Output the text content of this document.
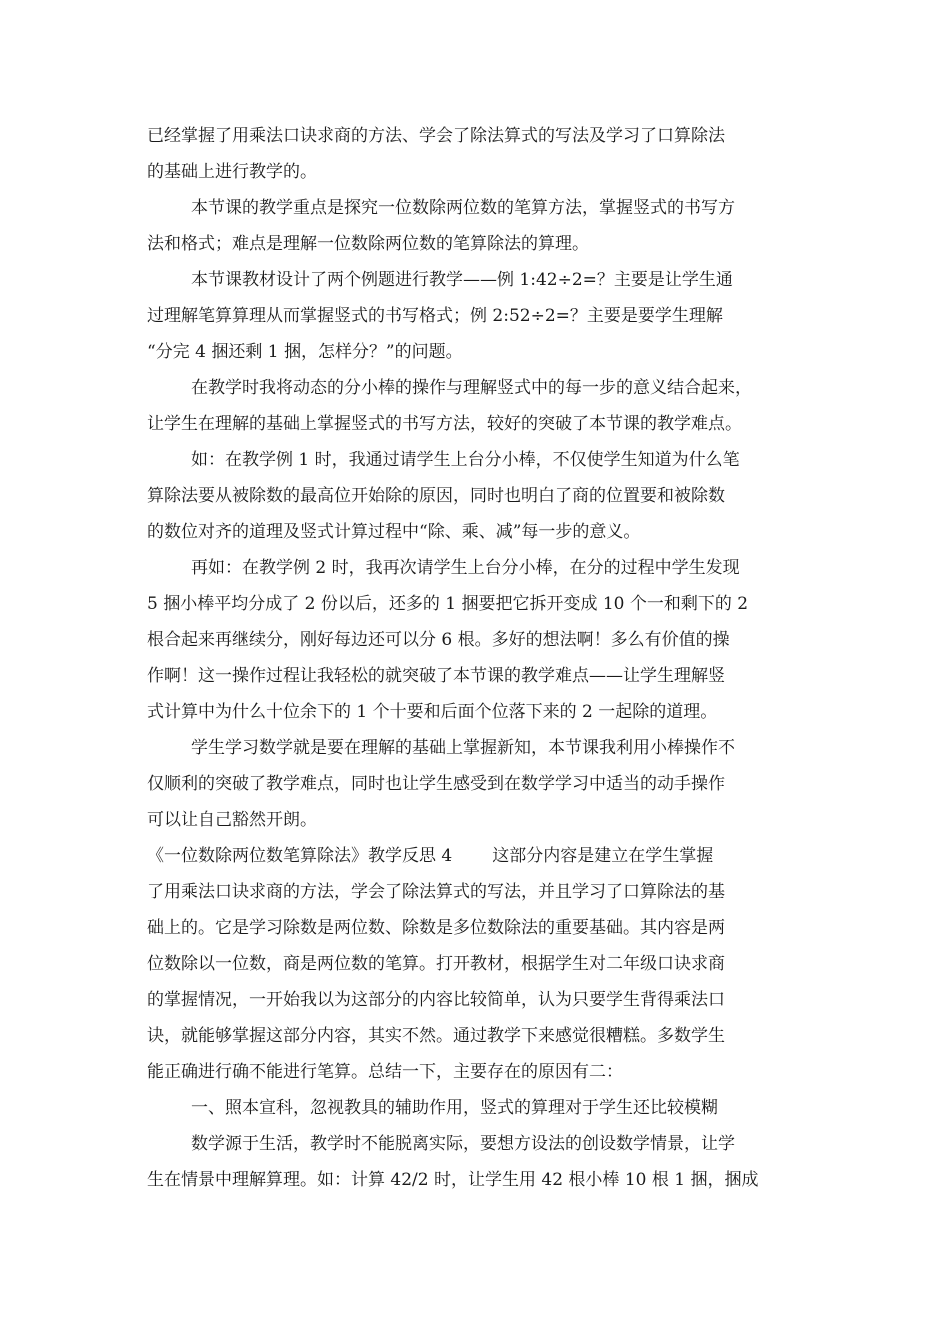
已经掌握了用乘法口诀求商的方法、学会了除法算式的写法及学习了口算除法
的基础上进行教学的。
本节课的教学重点是探究一位数除两位数的笔算方法，掌握竖式的书写方
法和格式；难点是理解一位数除两位数的笔算除法的算理。
本节课教材设计了两个例题进行教学——例 1:42÷2=？主要是让学生通
过理解笔算算理从而掌握竖式的书写格式；例 2:52÷2=？主要是要学生理解
“分完 4 捆还剩 1 捆，怎样分？”的问题。
在教学时我将动态的分小棒的操作与理解竖式中的每一步的意义结合起来，
让学生在理解的基础上掌握竖式的书写方法，较好的突破了本节课的教学难点。
如：在教学例 1 时，我通过请学生上台分小棒，不仅使学生知道为什么笔
算除法要从被除数的最高位开始除的原因，同时也明白了商的位置要和被除数
的数位对齐的道理及竖式计算过程中“除、乘、减”每一步的意义。
再如：在教学例 2 时，我再次请学生上台分小棒，在分的过程中学生发现
5 捆小棒平均分成了 2 份以后，还多的 1 捆要把它拆开变成 10 个一和剩下的 2
根合起来再继续分，刚好每边还可以分 6 根。多好的想法啊！多么有价值的操
作啊！这一操作过程让我轻松的就突破了本节课的教学难点——让学生理解竖
式计算中为什么十位余下的 1 个十要和后面个位落下来的 2 一起除的道理。
学生学习数学就是要在理解的基础上掌握新知，本节课我利用小棒操作不
仅顺利的突破了教学难点，同时也让学生感受到在数学学习中适当的动手操作
可以让自己豁然开朗。
《一位数除两位数笔算除法》教学反思 4 这部分内容是建立在学生掌握
了用乘法口诀求商的方法，学会了除法算式的写法，并且学习了口算除法的基
础上的。它是学习除数是两位数、除数是多位数除法的重要基础。其内容是两
位数除以一位数，商是两位数的笔算。打开教材，根据学生对二年级口诀求商
的掌握情况，一开始我以为这部分的内容比较简单，认为只要学生背得乘法口
诀，就能够掌握这部分内容，其实不然。通过教学下来感觉很糟糕。多数学生
能正确进行确不能进行笔算。总结一下，主要存在的原因有二：
一、照本宣科，忽视教具的辅助作用，竖式的算理对于学生还比较模糊
数学源于生活，教学时不能脱离实际，要想方设法的创设数学情景，让学
生在情景中理解算理。如：计算 42/2 时，让学生用 42 根小棒 10 根 1 捆，捆成
